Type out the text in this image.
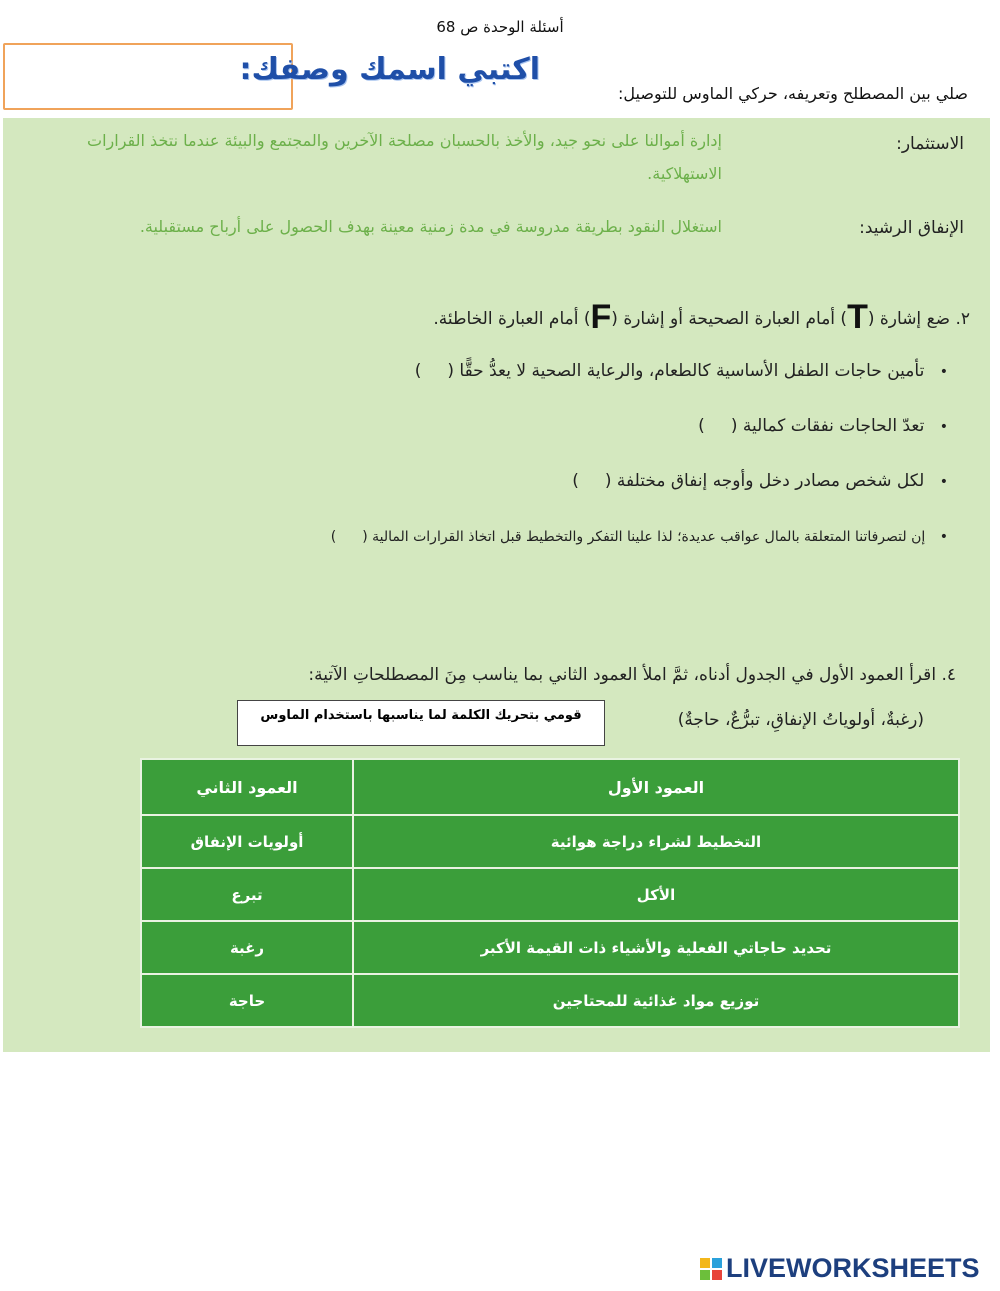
أسئلة الوحدة ص 68
اكتبي اسمك وصفك:
صلي بين المصطلح وتعريفه، حركي الماوس للتوصيل:
الاستثمار:
إدارة أموالنا على نحو جيد، والأخذ بالحسبان مصلحة الآخرين والمجتمع والبيئة عندما نتخذ القرارات الاستهلاكية.
الإنفاق الرشيد:
استغلال النقود بطريقة مدروسة في مدة زمنية معينة بهدف الحصول على أرباح مستقبلية.
٢. ضع إشارة (T) أمام العبارة الصحيحة أو إشارة (F) أمام العبارة الخاطئة.
• تأمين حاجات الطفل الأساسية كالطعام، والرعاية الصحية لا يعدُّ حقًّا ()
• تعدّ الحاجات نفقات كمالية ()
• لكل شخص مصادر دخل وأوجه إنفاق مختلفة ()
• إن لتصرفاتنا المتعلقة بالمال عواقب عديدة؛ لذا علينا التفكر والتخطيط قبل اتخاذ القرارات المالية ()
٤. اقرأ العمود الأول في الجدول أدناه، ثمَّ املأ العمود الثاني بما يناسب مِنَ المصطلحاتِ الآتية:
(رغبةٌ، أولوياتُ الإنفاقِ، تبرُّعٌ، حاجةٌ)
قومي بتحريك الكلمة لما يناسبها باستخدام الماوس
العمود الأول	العمود الثاني
التخطيط لشراء دراجة هوائية	أولويات الإنفاق
الأكل	تبرع
تحديد حاجاتي الفعلية والأشياء ذات القيمة الأكبر	رغبة
توزيع مواد غذائية للمحتاجين	حاجة
LIVEWORKSHEETS
